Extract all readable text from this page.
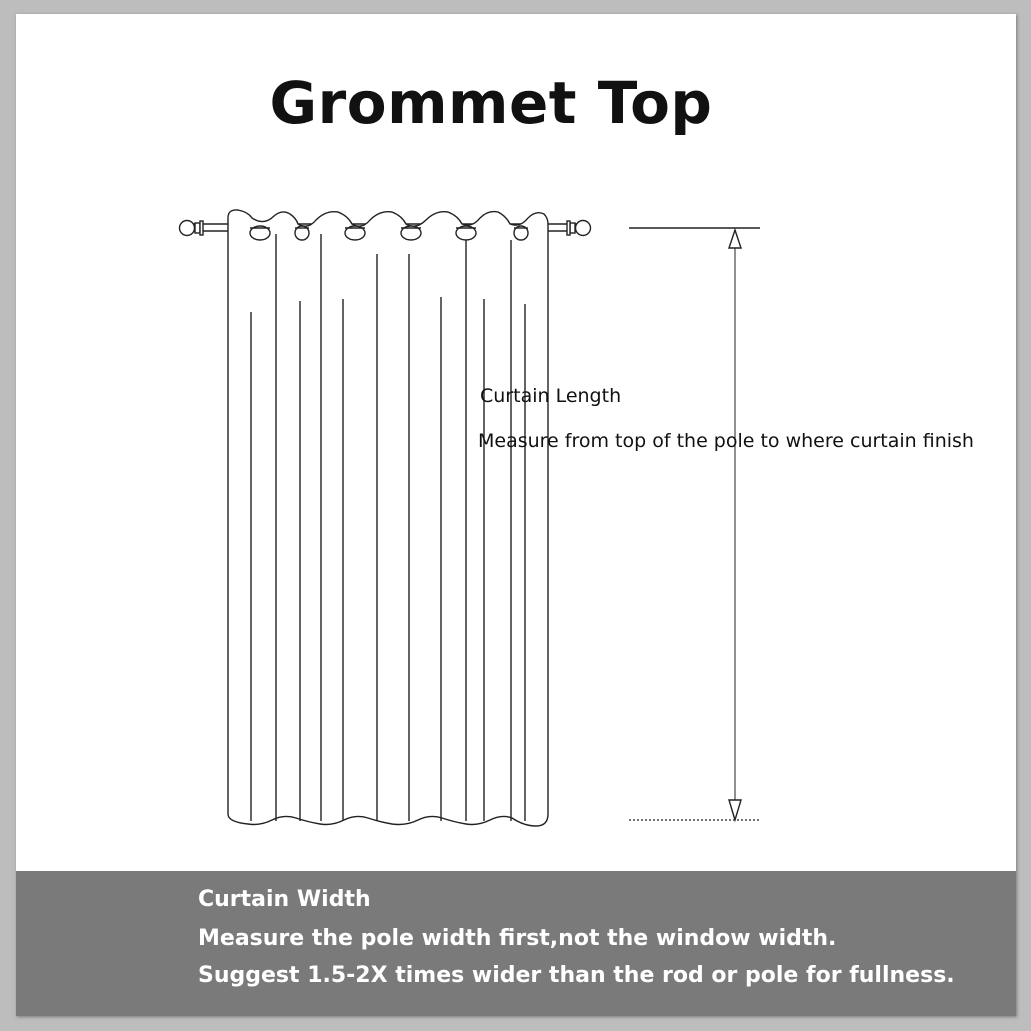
Grommet Top
Curtain Length
Measure from top of the pole to where curtain finish
Curtain Width
Measure the pole width first,not the window width.
Suggest 1.5-2X times wider than the rod or pole for fullness.
